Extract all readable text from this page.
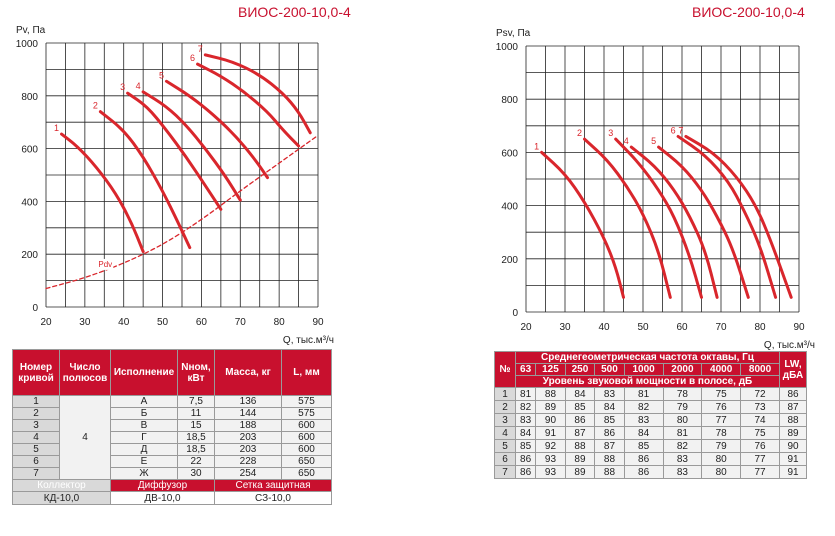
ВИОС-200-10,0-4	ВИОС-200-10,0-4
20	30	40	50	60	70	80	90
0
200
400
600
800
1000
Pv, Па
Q, тыс.м³/ч
1
2
3 4
5
6
7
Pdv
20	30	40	50	60	70	80	90
0
200
400
600
800
1000
Psv, Па
Q, тыс.м³/ч
1
2	3
4 5
6 7
Номер кривой	Число полюсов	Исполнение	Nном, кВт	Масса, кг	L, мм
1	4	А	7,5	136	575
2		Б	11	144	575
3		В	15	188	600
4		Г	18,5	203	600
5		Д	18,5	203	600
6		Е	22	228	650
7		Ж	30	254	650
Коллектор		Диффузор		Сетка защитная	
КД-10,0		ДВ-10,0		СЗ-10,0	
№	Среднегеометрическая частота октавы, Гц								LW, дБА
	63	125	250	500	1000	2000	4000	8000	
	Уровень звуковой мощности в полосе, дБ								
1	81	88	84	83	81	78	75	72	86
2	82	89	85	84	82	79	76	73	87
3	83	90	86	85	83	80	77	74	88
4	84	91	87	86	84	81	78	75	89
5	85	92	88	87	85	82	79	76	90
6	86	93	89	88	86	83	80	77	91
7	86	93	89	88	86	83	80	77	91
